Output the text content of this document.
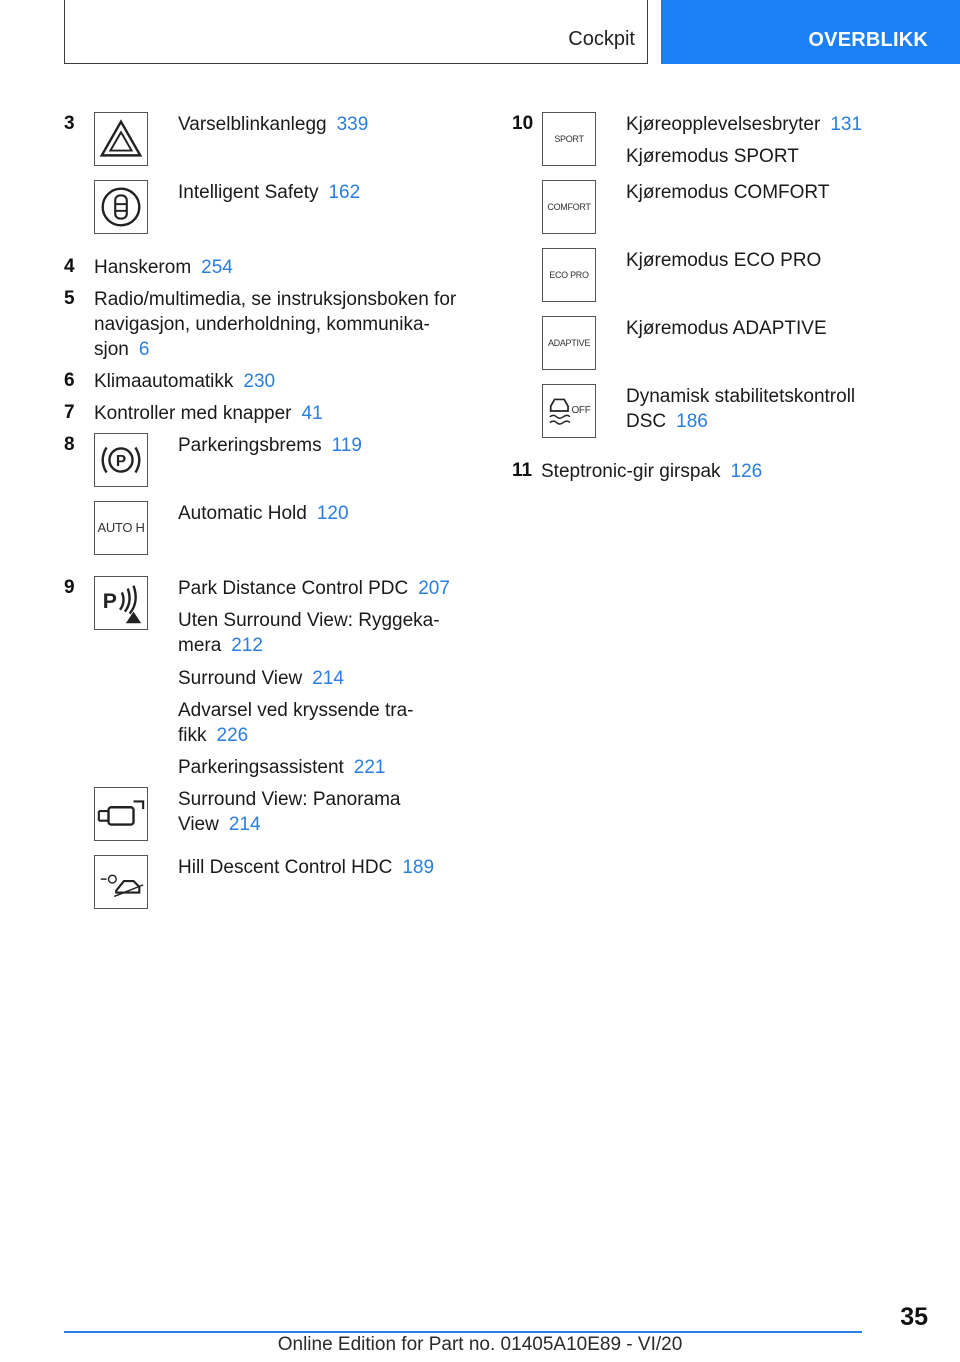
Cockpit	OVERBLIKK
3	Varselblinkanlegg 339
Intelligent Safety 162
4 Hanskerom 254
5 Radio/multimedia, se instruksjonsboken for
navigasjon, underholdning, kommunika-
sjon 6
6 Klimaautomatikk 230
7 Kontroller med knapper 41
8
P
Parkeringsbrems 119
AUTO H
Automatic Hold 120
9
P
Park Distance Control PDC 207
Uten Surround View: Ryggeka-
mera 212
Surround View 214
Advarsel ved kryssende tra-
fikk 226
Parkeringsassistent 221
Surround View: Panorama
View 214
Hill Descent Control HDC 189
10
SPORT
Kjøreopplevelsesbryter 131
Kjøremodus SPORT
COMFORT
Kjøremodus COMFORT
ECO PRO
Kjøremodus ECO PRO
ADAPTIVE
Kjøremodus ADAPTIVE
OFF
Dynamisk stabilitetskontroll
DSC 186
11 Steptronic-gir girspak 126
35
Online Edition for Part no. 01405A10E89 - VI/20
